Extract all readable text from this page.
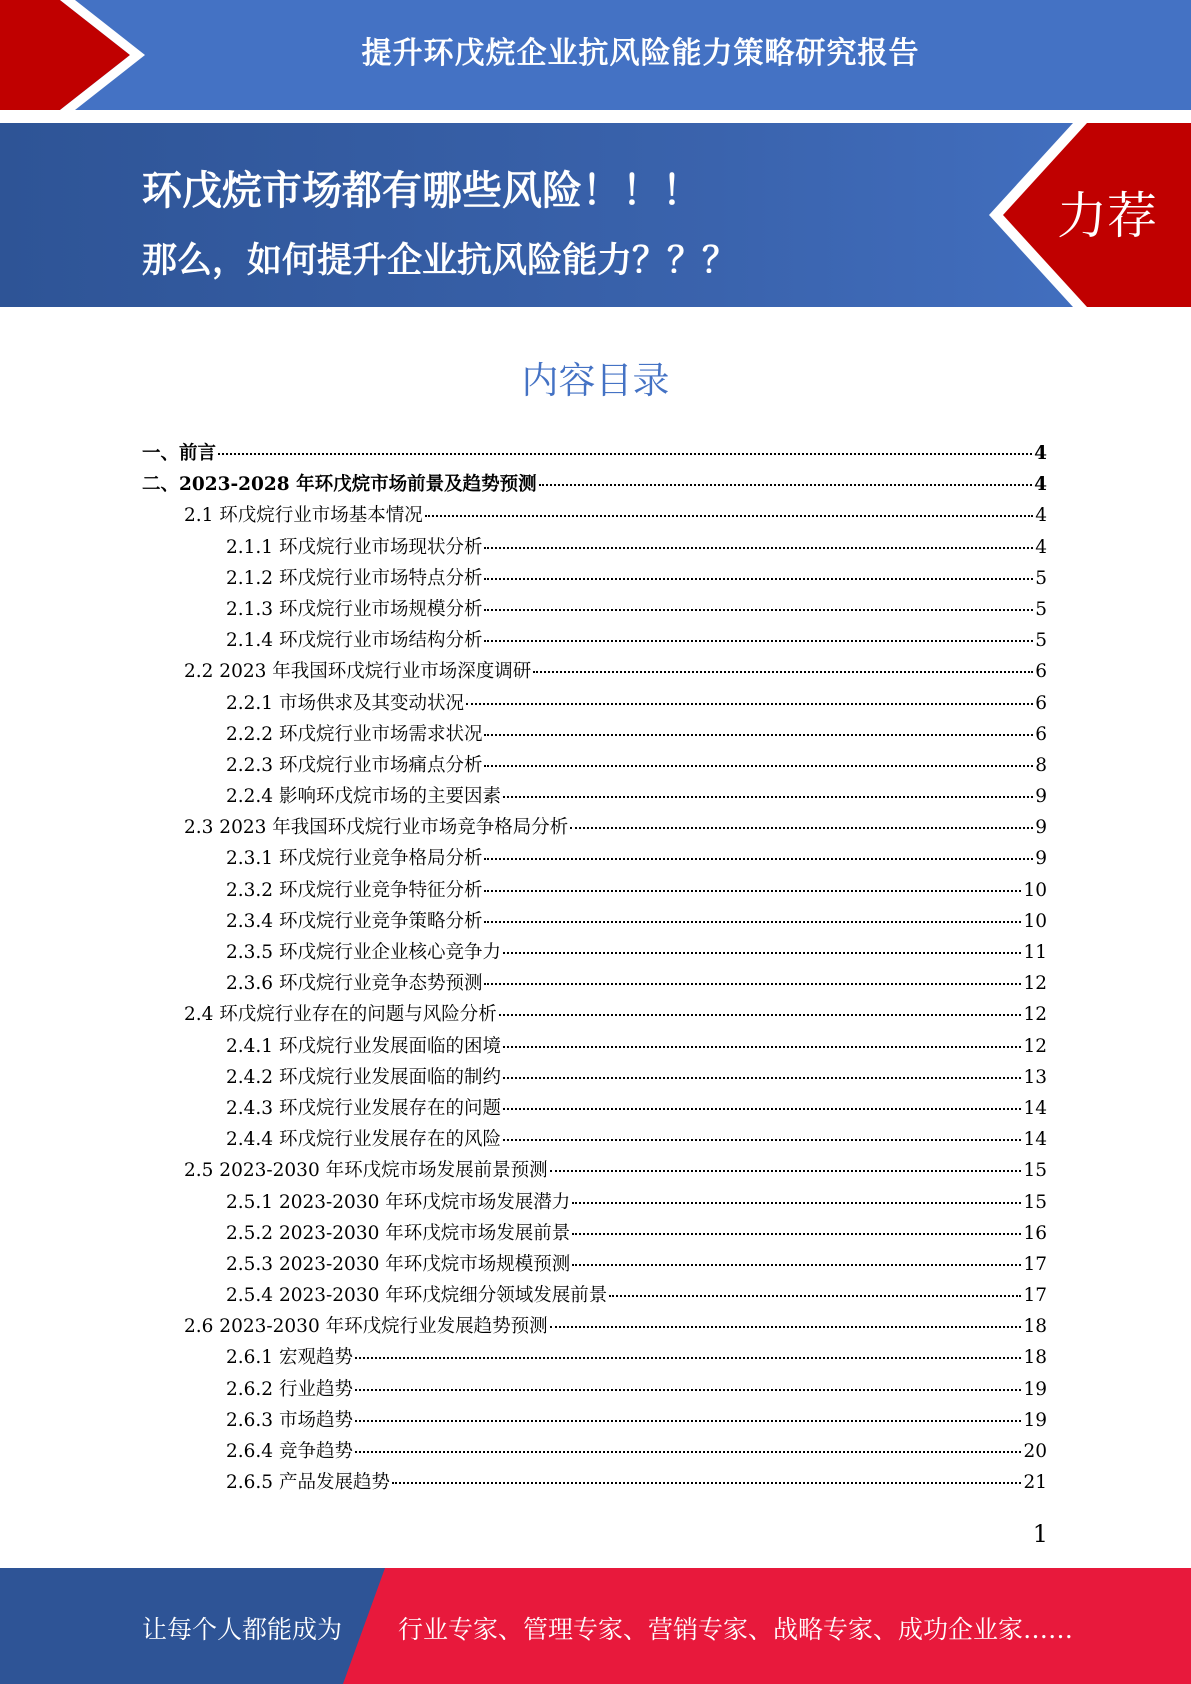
提升环戊烷企业抗风险能力策略研究报告
环戊烷市场都有哪些风险！！！
那么，如何提升企业抗风险能力？？？
力荐
内容目录
一、前言	4
二、2023-2028 年环戊烷市场前景及趋势预测	4
2.1 环戊烷行业市场基本情况	4
2.1.1 环戊烷行业市场现状分析	4
2.1.2 环戊烷行业市场特点分析	5
2.1.3 环戊烷行业市场规模分析	5
2.1.4 环戊烷行业市场结构分析	5
2.2 2023 年我国环戊烷行业市场深度调研	6
2.2.1 市场供求及其变动状况	6
2.2.2 环戊烷行业市场需求状况	6
2.2.3 环戊烷行业市场痛点分析	8
2.2.4 影响环戊烷市场的主要因素	9
2.3 2023 年我国环戊烷行业市场竞争格局分析	9
2.3.1 环戊烷行业竞争格局分析	9
2.3.2 环戊烷行业竞争特征分析	10
2.3.4 环戊烷行业竞争策略分析	10
2.3.5 环戊烷行业企业核心竞争力	11
2.3.6 环戊烷行业竞争态势预测	12
2.4 环戊烷行业存在的问题与风险分析	12
2.4.1 环戊烷行业发展面临的困境	12
2.4.2 环戊烷行业发展面临的制约	13
2.4.3 环戊烷行业发展存在的问题	14
2.4.4 环戊烷行业发展存在的风险	14
2.5 2023-2030 年环戊烷市场发展前景预测	15
2.5.1 2023-2030 年环戊烷市场发展潜力	15
2.5.2 2023-2030 年环戊烷市场发展前景	16
2.5.3 2023-2030 年环戊烷市场规模预测	17
2.5.4 2023-2030 年环戊烷细分领域发展前景	17
2.6 2023-2030 年环戊烷行业发展趋势预测	18
2.6.1 宏观趋势	18
2.6.2 行业趋势	19
2.6.3 市场趋势	19
2.6.4 竞争趋势	20
2.6.5 产品发展趋势	21
1
让每个人都能成为 行业专家、管理专家、营销专家、战略专家、成功企业家……
